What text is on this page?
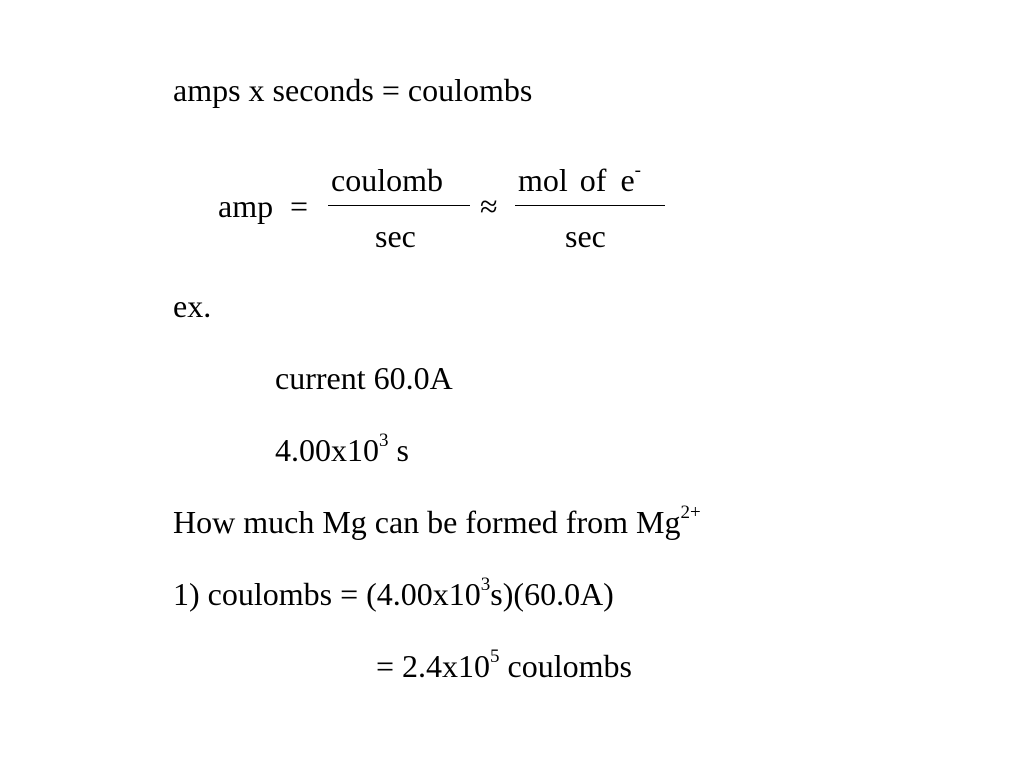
amps x seconds = coulombs
amp =
coulomb
sec
≈
mol of e-
sec
ex.
current 60.0A
$4.00x10^3$ s
How much Mg can be formed from $Mg^{2+}$
1) coulombs = $(4.00x10^3s)(60.0A)$
= $2.4x10^5$ coulombs
